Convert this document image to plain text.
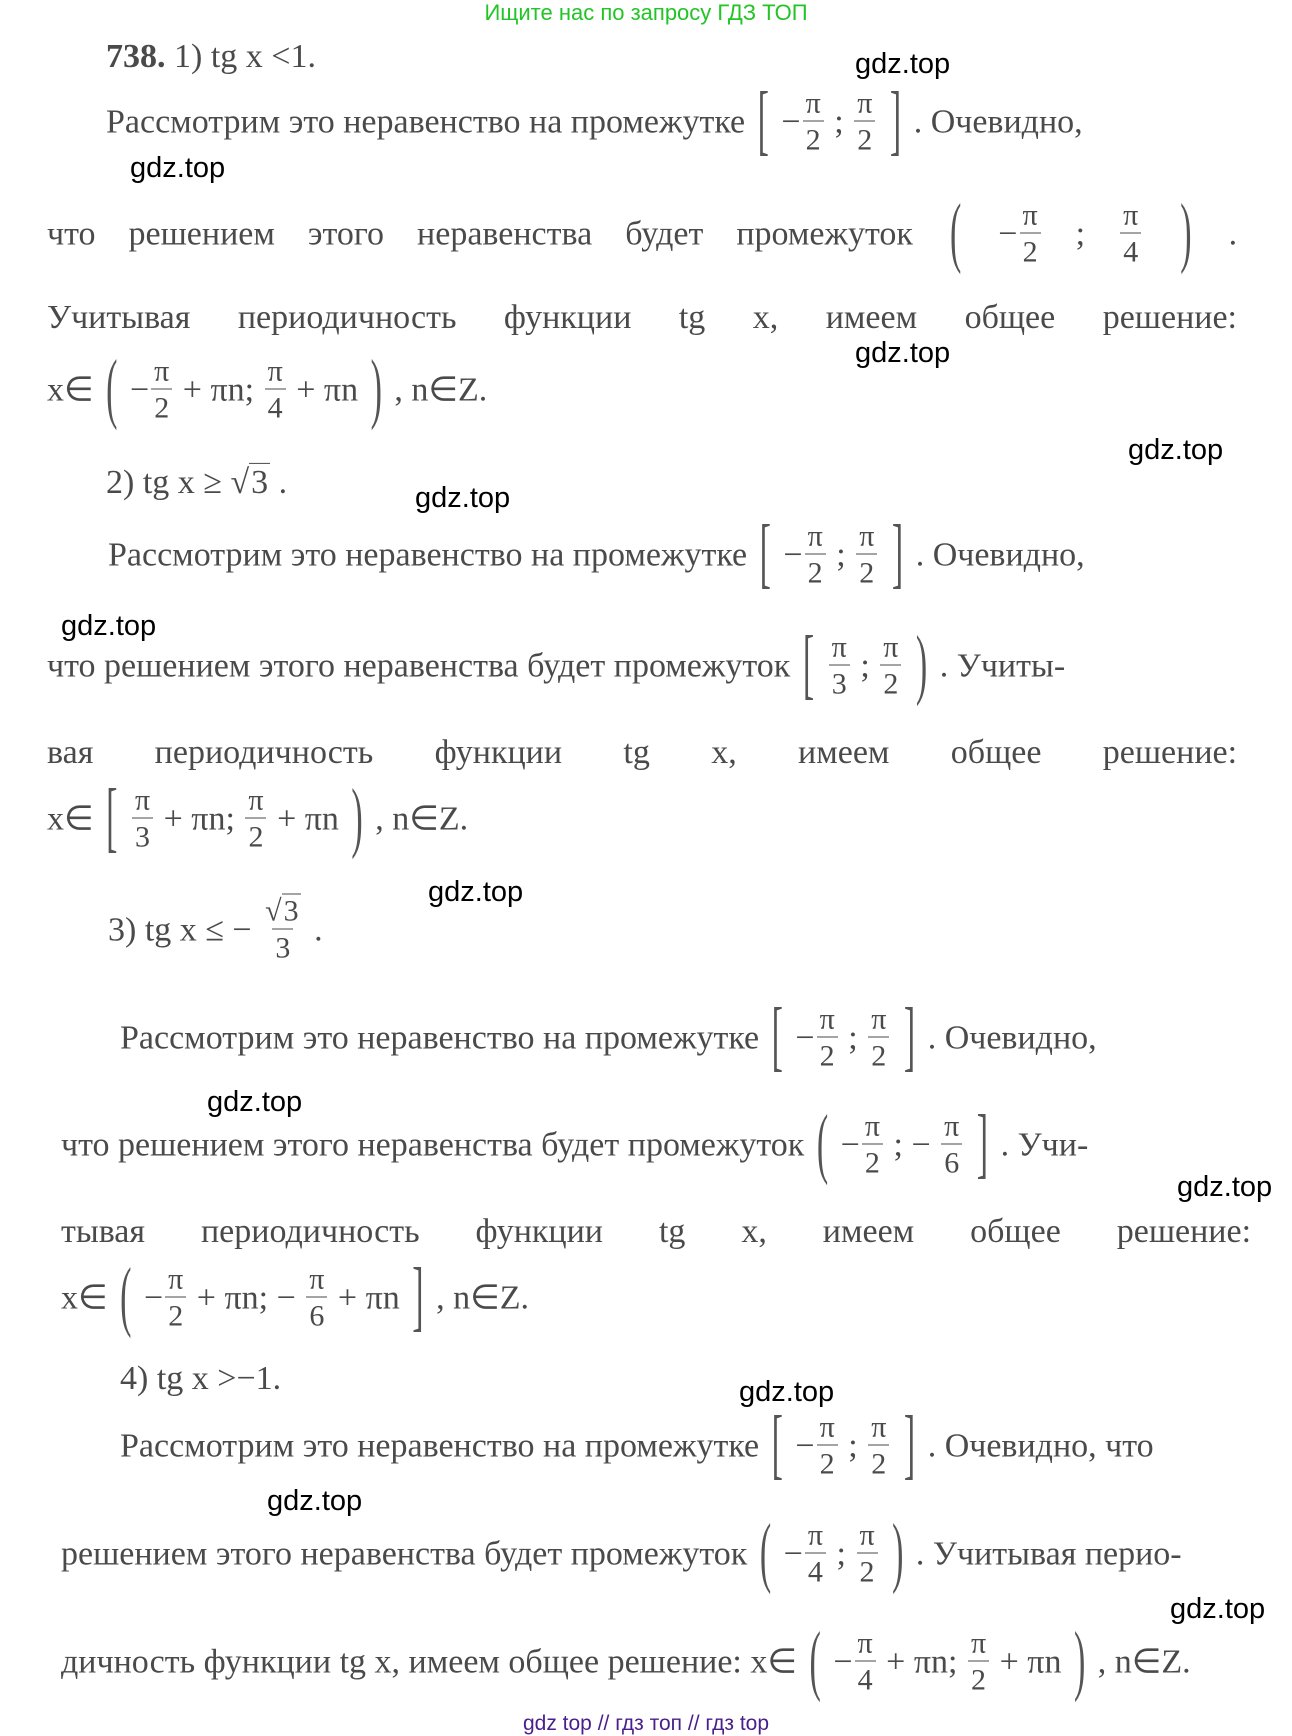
Ищите нас по запросу ГДЗ ТОП
738. 1) tg x <1.
Рассмотрим это неравенство на промежутке [ − $\frac{\pi}{2}$ ; $\frac{\pi}{2}$ ] . Очевидно,
что решением этого неравенства будет промежуток ( − $\frac{\pi}{2}$ ; $\frac{\pi}{4}$ ) .
Учитывая периодичность функции tg x, имеем общее решение:
x∈ ( − $\frac{\pi}{2} + \pi n$; $\frac{\pi}{4} + \pi n$ ) , n∈Z.
2) tg x ≥ √3 .
Рассмотрим это неравенство на промежутке [ − $\frac{\pi}{2}$ ; $\frac{\pi}{2}$ ] . Очевидно,
что решением этого неравенства будет промежуток [ $\frac{\pi}{3}$ ; $\frac{\pi}{2}$ ) . Учиты-
вая периодичность функции tg x, имеем общее решение:
x∈ [ $\frac{\pi}{3} + \pi n$; $\frac{\pi}{2} + \pi n$ ) , n∈Z.
3) tg x ≤ − $\frac{√3}{3}$ .
Рассмотрим это неравенство на промежутке [ − $\frac{\pi}{2}$ ; $\frac{\pi}{2}$ ] . Очевидно,
что решением этого неравенства будет промежуток ( − $\frac{\pi}{2}$ ; − $\frac{\pi}{6}$ ] . Учи-
тывая периодичность функции tg x, имеем общее решение:
x∈ ( − $\frac{\pi}{2} + \pi n$; − $\frac{\pi}{6} + \pi n$ ] , n∈Z.
4) tg x >−1.
Рассмотрим это неравенство на промежутке [ − $\frac{\pi}{2}$ ; $\frac{\pi}{2}$ ] . Очевидно, что
решением этого неравенства будет промежуток ( − $\frac{\pi}{4}$ ; $\frac{\pi}{2}$ ) . Учитывая перио-
дичность функции tg x, имеем общее решение: x∈ ( − $\frac{\pi}{4} + \pi n$; $\frac{\pi}{2} + \pi n$ ) , n∈Z.
gdz.top
gdz.top
gdz.top
gdz.top
gdz.top
gdz.top
gdz.top
gdz.top
gdz.top
gdz.top
gdz.top
gdz.top
gdz top // гдз топ // гдз top
